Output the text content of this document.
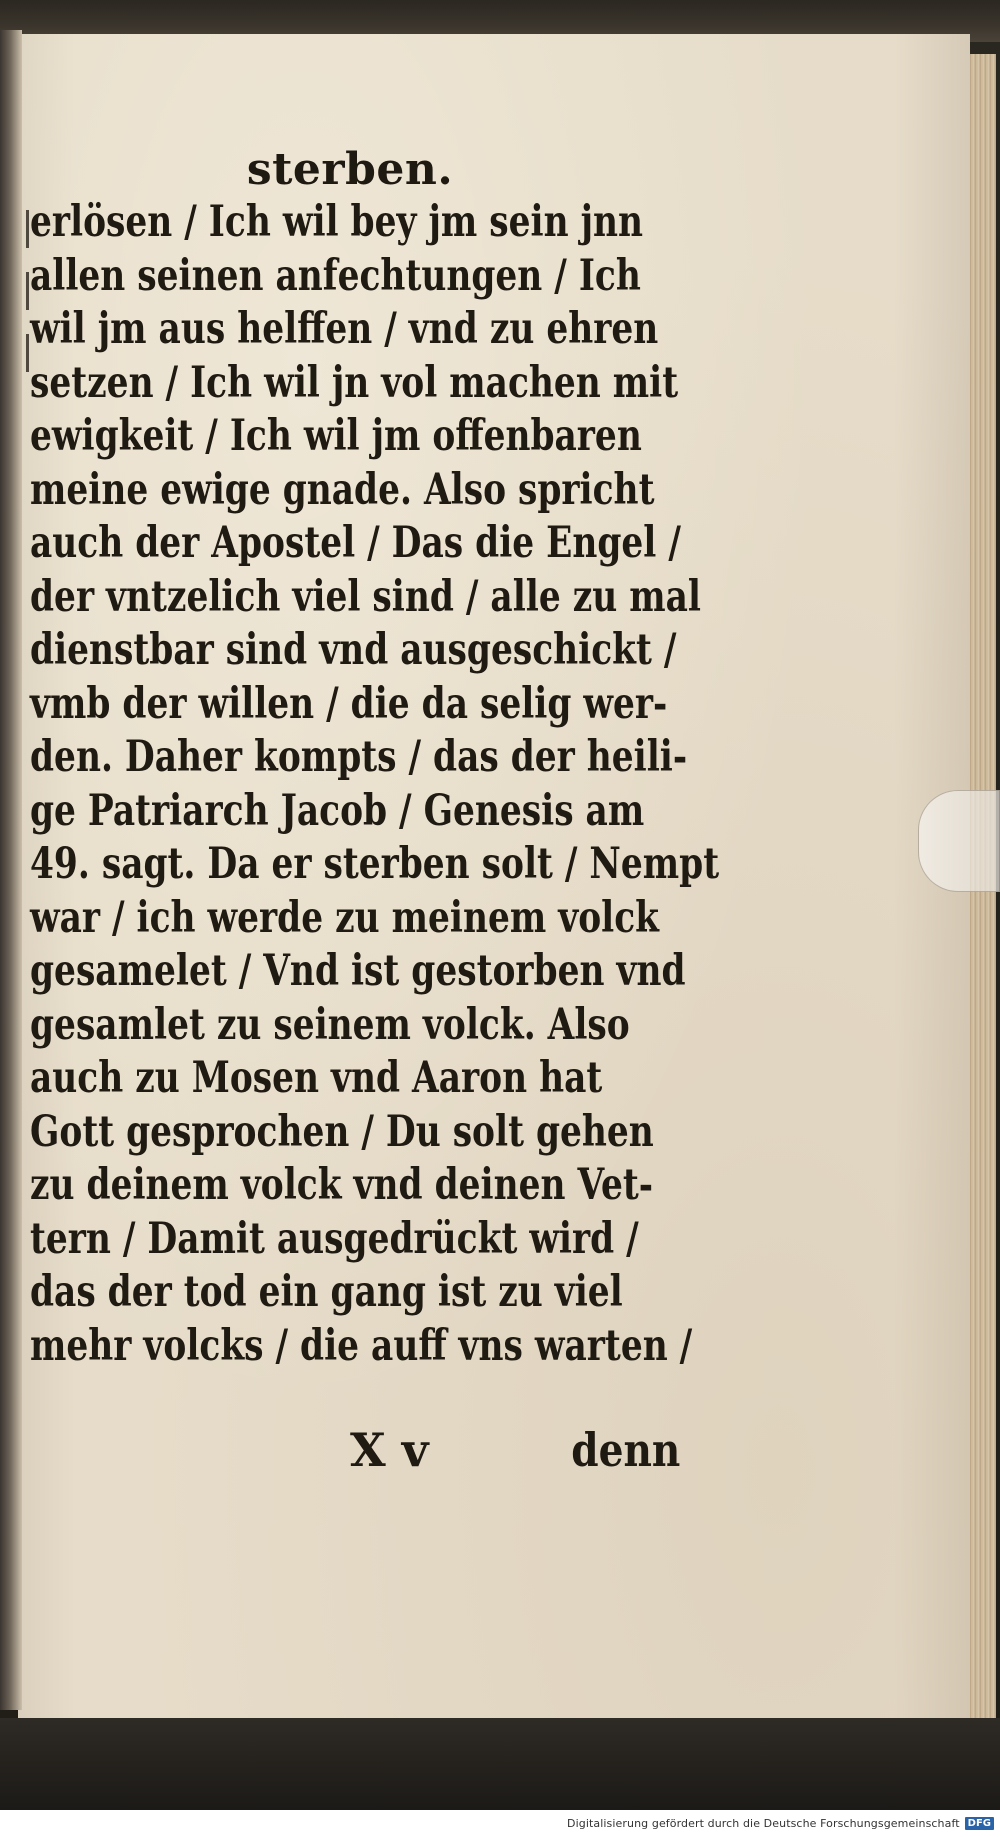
sterben.
erlösen / Ich wil bey jm sein jnn
allen seinen anfechtungen / Ich
wil jm aus helffen / vnd zu ehren
setzen / Ich wil jn vol machen mit
ewigkeit / Ich wil jm offenbaren
meine ewige gnade. Also spricht
auch der Apostel / Das die Engel /
der vntzelich viel sind / alle zu mal
dienstbar sind vnd ausgeschickt /
vmb der willen / die da selig wer-
den. Daher kompts / das der heili-
ge Patriarch Jacob / Genesis am
49. sagt. Da er sterben solt / Nempt
war / ich werde zu meinem volck
gesamelet / Vnd ist gestorben vnd
gesamlet zu seinem volck. Also
auch zu Mosen vnd Aaron hat
Gott gesprochen / Du solt gehen
zu deinem volck vnd deinen Vet-
tern / Damit ausgedrückt wird /
das der tod ein gang ist zu viel
mehr volcks / die auff vns warten /
X v	denn
Digitalisierung gefördert durch die Deutsche Forschungsgemeinschaft DFG
